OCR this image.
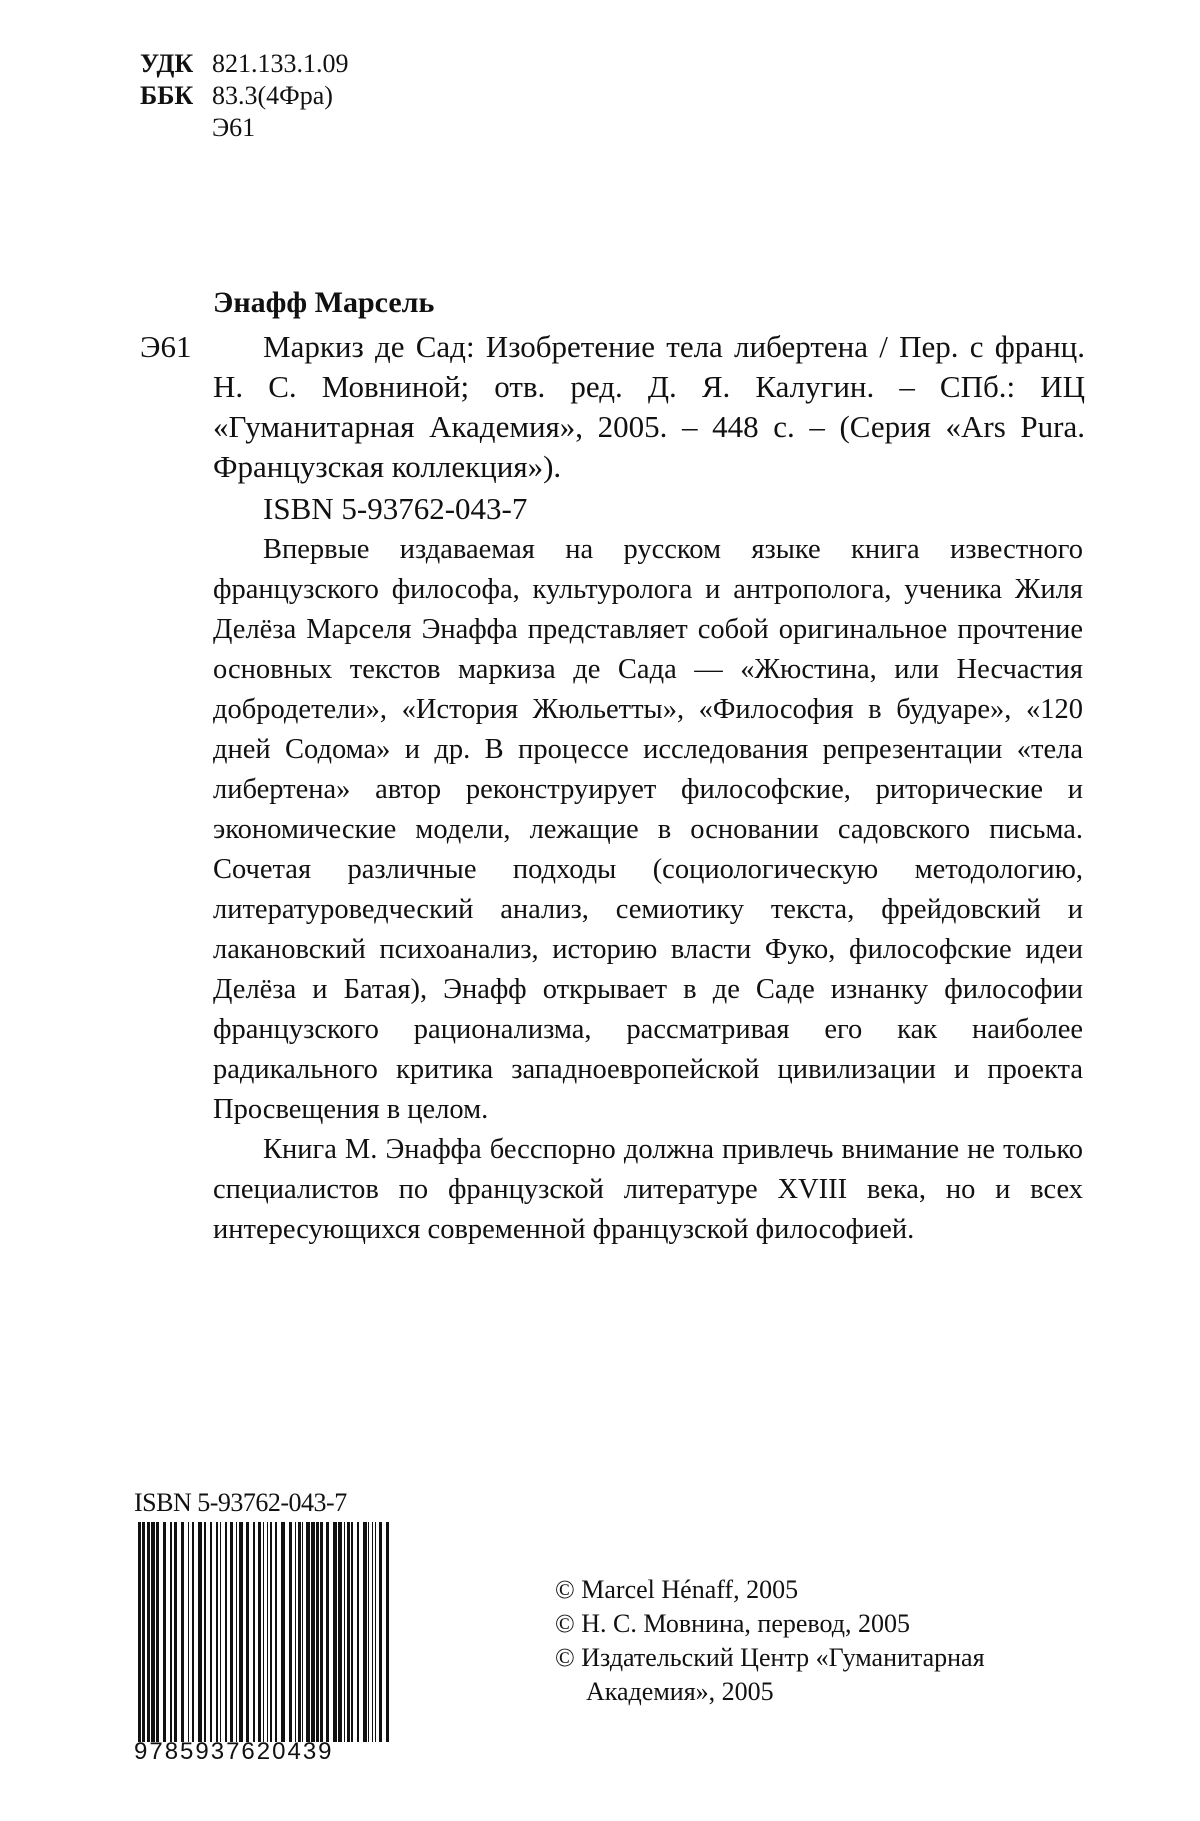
УДК 821.133.1.09
ББК 83.3(4Фра)
Э61
Энафф Марсель
Э61	Маркиз де Сад: Изобретение тела либертена / Пер. с франц. Н. С. Мовниной; отв. ред. Д. Я. Калугин. – СПб.: ИЦ «Гуманитарная Академия», 2005. – 448 с. – (Серия «Ars Pura. Французская коллекция»).
ISBN 5-93762-043-7

Впервые издаваемая на русском языке книга известного французского философа, культуролога и антрополога, ученика Жиля Делёза Марселя Энаффа представляет собой оригинальное прочтение основных текстов маркиза де Сада — «Жюстина, или Несчастия добродетели», «История Жюльетты», «Философия в будуаре», «120 дней Содома» и др. В процессе исследования репрезентации «тела либертена» автор реконструирует философские, риторические и экономические модели, лежащие в основании садовского письма. Сочетая различные подходы (социологическую методологию, литературоведческий анализ, семиотику текста, фрейдовский и лакановский психоанализ, историю власти Фуко, философские идеи Делёза и Батая), Энафф открывает в де Саде изнанку философии французского рационализма, рассматривая его как наиболее радикального критика западноевропейской цивилизации и проекта Просвещения в целом.

Книга М. Энаффа бесспорно должна привлечь внимание не только специалистов по французской литературе XVIII века, но и всех интересующихся современной французской философией.

ISBN 5-93762-043-7
9785937620439
© Marcel Hénaff, 2005
© Н. С. Мовнина, перевод, 2005
© Издательский Центр «Гуманитарная
Академия», 2005
